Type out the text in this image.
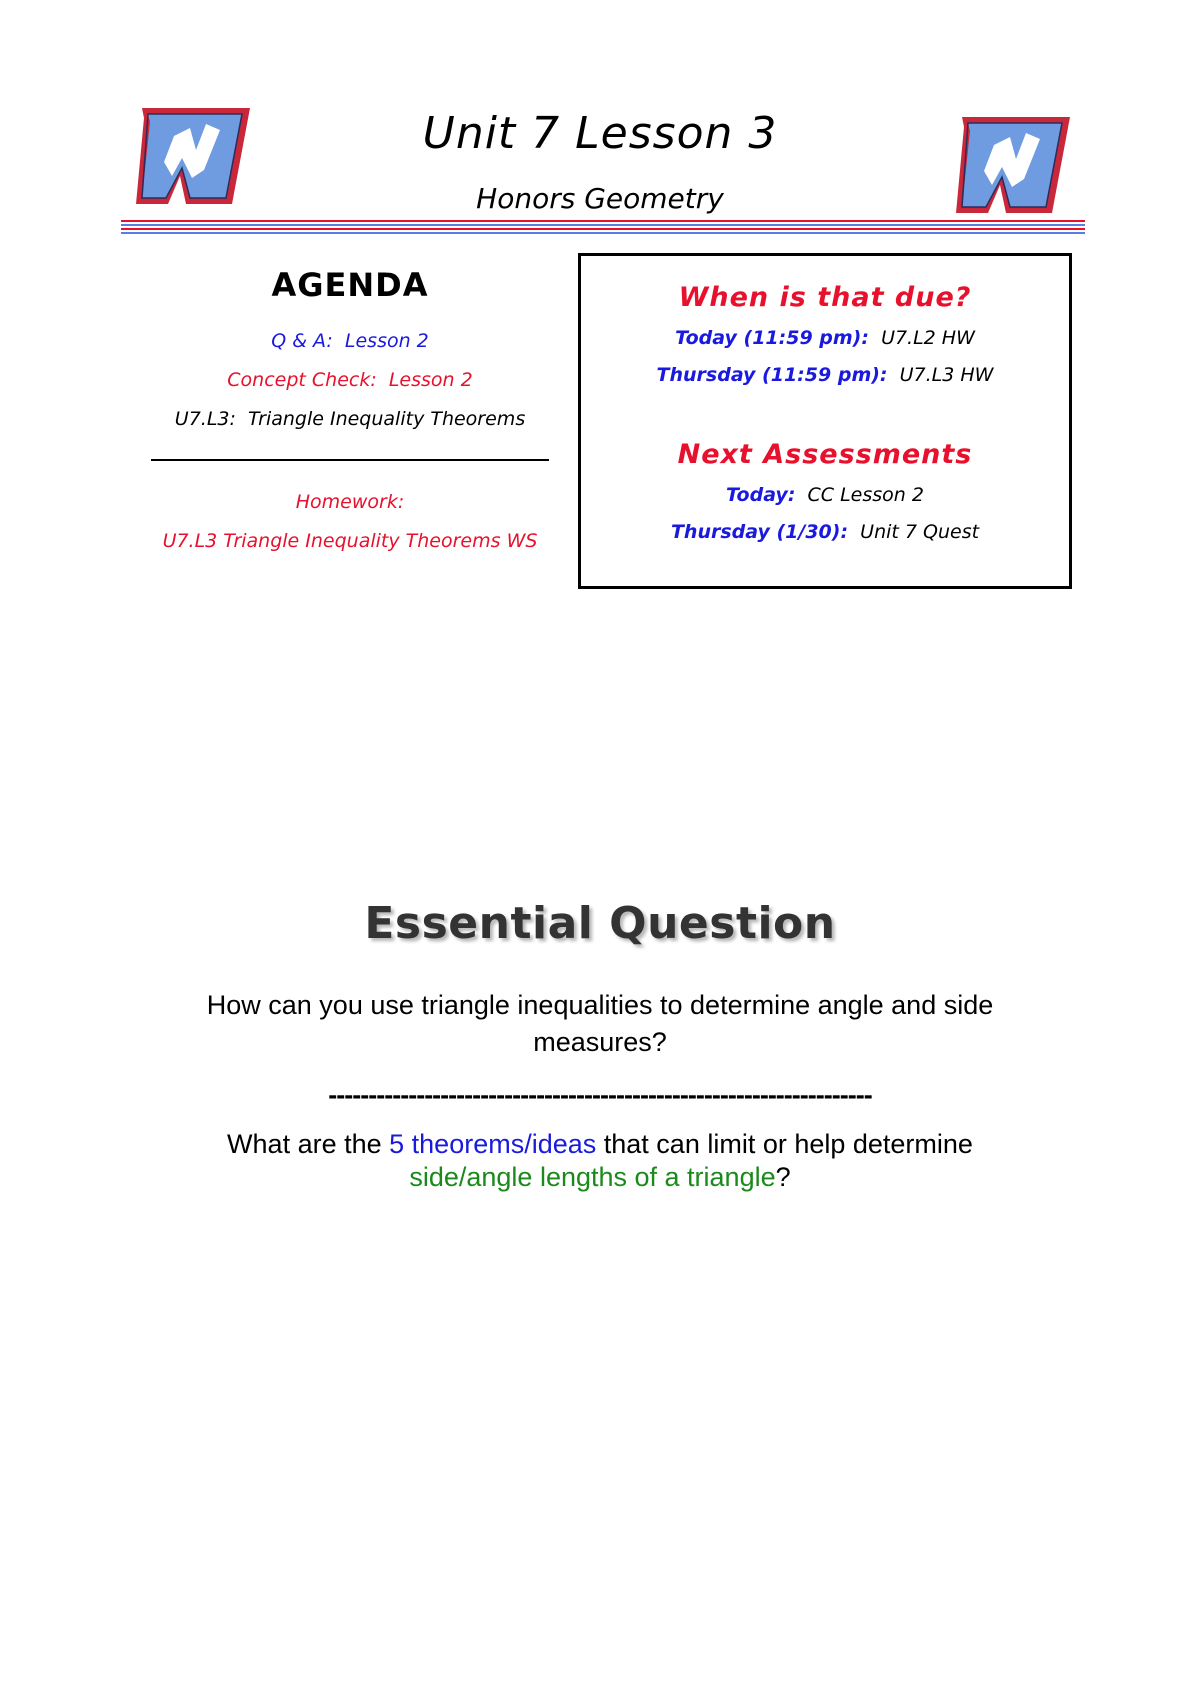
Unit 7 Lesson 3
Honors Geometry
AGENDA
Q & A: Lesson 2
Concept Check: Lesson 2
U7.L3: Triangle Inequality Theorems
Homework:
U7.L3 Triangle Inequality Theorems WS
When is that due?
Today (11:59 pm): U7.L2 HW
Thursday (11:59 pm): U7.L3 HW
Next Assessments
Today: CC Lesson 2
Thursday (1/30): Unit 7 Quest
Essential Question
How can you use triangle inequalities to determine angle and side measures?
--------------------------------------------------------------------
What are the 5 theorems/ideas that can limit or help determine
side/angle lengths of a triangle?
